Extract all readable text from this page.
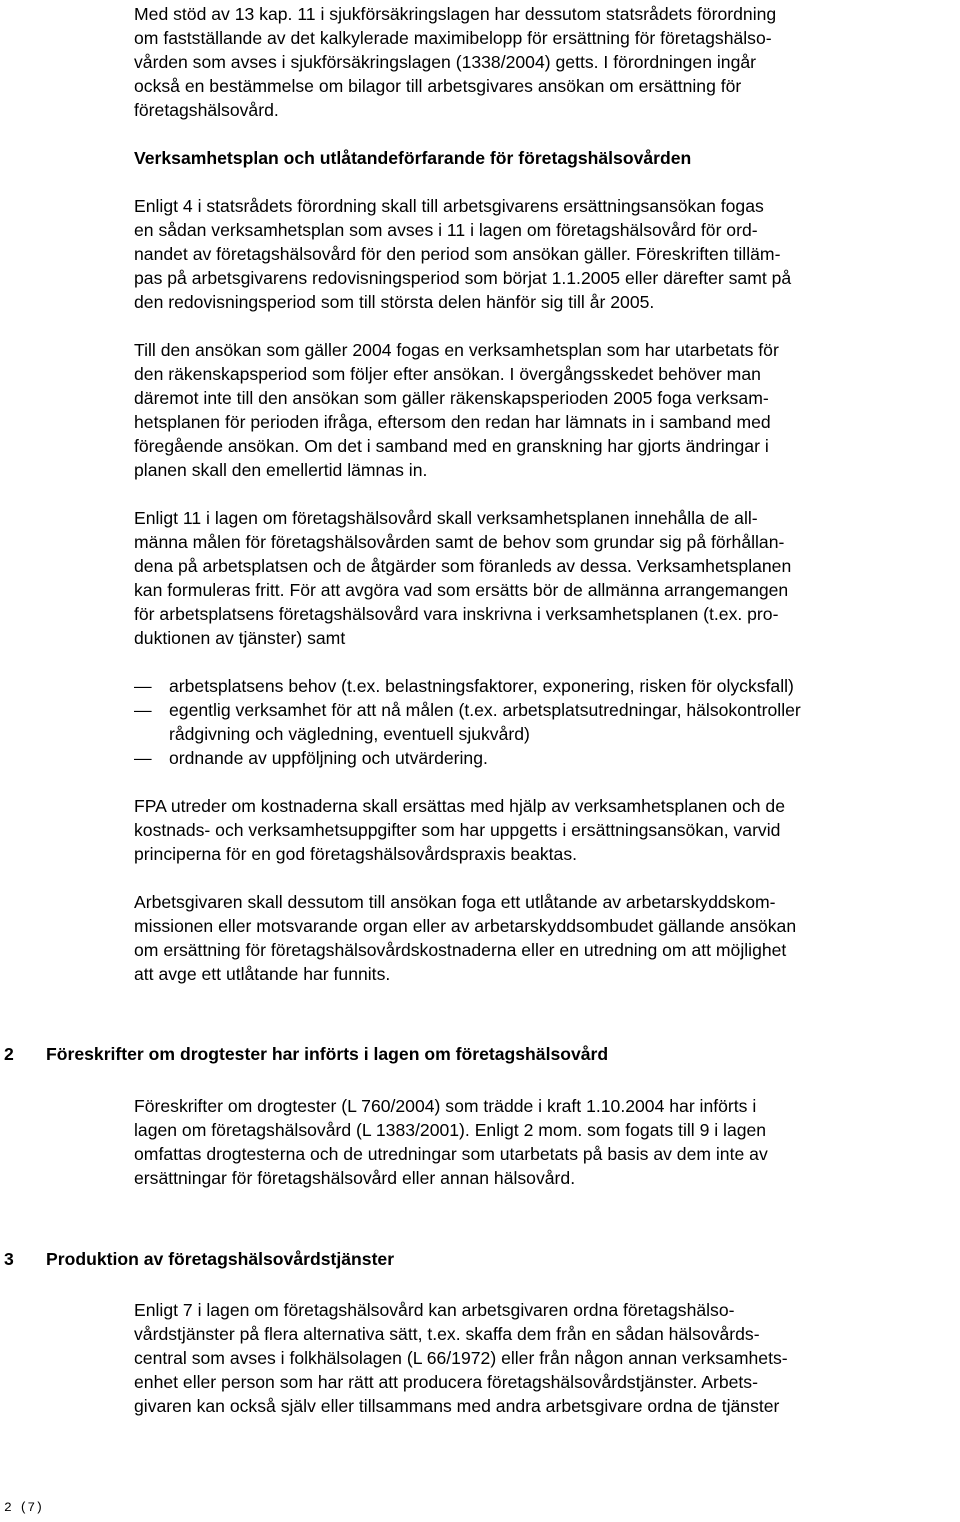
Med stöd av 13 kap. 11 i sjukförsäkringslagen har dessutom statsrådets förordning
om fastställande av det kalkylerade maximibelopp för ersättning för företagshälso-
vården som avses i sjukförsäkringslagen (1338/2004) getts. I förordningen ingår
också en bestämmelse om bilagor till arbetsgivares ansökan om ersättning för
företagshälsovård.
Verksamhetsplan och utlåtandeförfarande för företagshälsovården
Enligt 4 i statsrådets förordning skall till arbetsgivarens ersättningsansökan fogas
en sådan verksamhetsplan som avses i 11 i lagen om företagshälsovård för ord-
nandet av företagshälsovård för den period som ansökan gäller. Föreskriften tilläm-
pas på arbetsgivarens redovisningsperiod som börjat 1.1.2005 eller därefter samt på
den redovisningsperiod som till största delen hänför sig till år 2005.
Till den ansökan som gäller 2004 fogas en verksamhetsplan som har utarbetats för
den räkenskapsperiod som följer efter ansökan. I övergångsskedet behöver man
däremot inte till den ansökan som gäller räkenskapsperioden 2005 foga verksam-
hetsplanen för perioden ifråga, eftersom den redan har lämnats in i samband med
föregående ansökan. Om det i samband med en granskning har gjorts ändringar i
planen skall den emellertid lämnas in.
Enligt 11 i lagen om företagshälsovård skall verksamhetsplanen innehålla de all-
männa målen för företagshälsovården samt de behov som grundar sig på förhållan-
dena på arbetsplatsen och de åtgärder som föranleds av dessa. Verksamhetsplanen
kan formuleras fritt. För att avgöra vad som ersätts bör de allmänna arrangemangen
för arbetsplatsens företagshälsovård vara inskrivna i verksamhetsplanen (t.ex. pro-
duktionen av tjänster) samt
— arbetsplatsens behov (t.ex. belastningsfaktorer, exponering, risken för olycksfall)
— egentlig verksamhet för att nå målen (t.ex. arbetsplatsutredningar, hälsokontroller
rådgivning och vägledning, eventuell sjukvård)
— ordnande av uppföljning och utvärdering.
FPA utreder om kostnaderna skall ersättas med hjälp av verksamhetsplanen och de
kostnads- och verksamhetsuppgifter som har uppgetts i ersättningsansökan, varvid
principerna för en god företagshälsovårdspraxis beaktas.
Arbetsgivaren skall dessutom till ansökan foga ett utlåtande av arbetarskyddskom-
missionen eller motsvarande organ eller av arbetarskyddsombudet gällande ansökan
om ersättning för företagshälsovårdskostnaderna eller en utredning om att möjlighet
att avge ett utlåtande har funnits.
2 Föreskrifter om drogtester har införts i lagen om företagshälsovård
Föreskrifter om drogtester (L 760/2004) som trädde i kraft 1.10.2004 har införts i
lagen om företagshälsovård (L 1383/2001). Enligt 2 mom. som fogats till 9 i lagen
omfattas drogtesterna och de utredningar som utarbetats på basis av dem inte av
ersättningar för företagshälsovård eller annan hälsovård.
3 Produktion av företagshälsovårdstjänster
Enligt 7 i lagen om företagshälsovård kan arbetsgivaren ordna företagshälso-
vårdstjänster på flera alternativa sätt, t.ex. skaffa dem från en sådan hälsovårds-
central som avses i folkhälsolagen (L 66/1972) eller från någon annan verksamhets-
enhet eller person som har rätt att producera företagshälsovårdstjänster. Arbets-
givaren kan också själv eller tillsammans med andra arbetsgivare ordna de tjänster
2 (7)
